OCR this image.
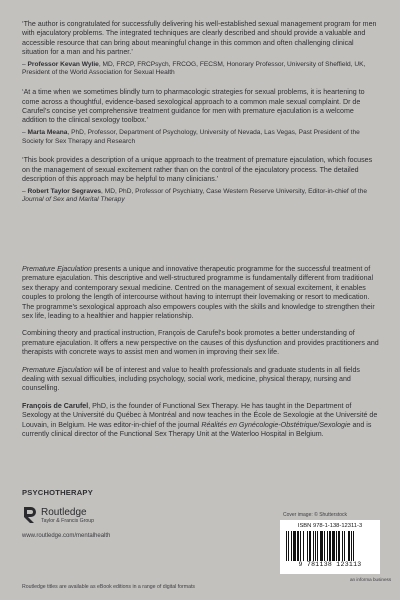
‘The author is congratulated for successfully delivering his well-established sexual management program for men with ejaculatory problems. The integrated techniques are clearly described and should provide a valuable and accessible resource that can bring about meaningful change in this common and often challenging clinical situation for a man and his partner.’

– Professor Kevan Wylie, MD, FRCP, FRCPsych, FRCOG, FECSM, Honorary Professor, University of Sheffield, UK, President of the World Association for Sexual Health

‘At a time when we sometimes blindly turn to pharmacologic strategies for sexual problems, it is heartening to come across a thoughtful, evidence-based sexological approach to a common male sexual complaint. Dr de Carufel’s concise yet comprehensive treatment guidance for men with premature ejaculation is a welcome addition to the clinical sexology toolbox.’

– Marta Meana, PhD, Professor, Department of Psychology, University of Nevada, Las Vegas, Past President of the Society for Sex Therapy and Research

‘This book provides a description of a unique approach to the treatment of premature ejaculation, which focuses on the management of sexual excitement rather than on the control of the ejaculatory process. The detailed description of this approach may be helpful to many clinicians.’

– Robert Taylor Segraves, MD, PhD, Professor of Psychiatry, Case Western Reserve University, Editor-in-chief of the Journal of Sex and Marital Therapy

Premature Ejaculation presents a unique and innovative therapeutic programme for the successful treatment of premature ejaculation. This descriptive and well-structured programme is fundamentally different from traditional sex therapy and contemporary sexual medicine. Centred on the management of sexual excitement, it enables couples to prolong the length of intercourse without having to interrupt their lovemaking or resort to medication. The programme’s sexological approach also empowers couples with the skills and knowledge to strengthen their sex life, leading to a healthier and happier relationship.

Combining theory and practical instruction, François de Carufel’s book promotes a better understanding of premature ejaculation. It offers a new perspective on the causes of this dysfunction and provides practitioners and therapists with concrete ways to assist men and women in improving their sex life.

Premature Ejaculation will be of interest and value to health professionals and graduate students in all fields dealing with sexual difficulties, including psychology, social work, medicine, physical therapy, nursing and counselling.

François de Carufel, PhD, is the founder of Functional Sex Therapy. He has taught in the Department of Sexology at the Université du Québec à Montréal and now teaches in the École de Sexologie at the Université de Louvain, in Belgium. He was editor-in-chief of the journal Réalités en Gynécologie-Obstétrique/Sexologie and is currently clinical director of the Functional Sex Therapy Unit at the Waterloo Hospital in Belgium.

PSYCHOTHERAPY
Routledge
Taylor & Francis Group
www.routledge.com/mentalhealth
Routledge titles are available as eBook editions in a range of digital formats
Cover image: © Shutterstock
ISBN 978-1-138-12311-3
9 781138 123113
an informa business
